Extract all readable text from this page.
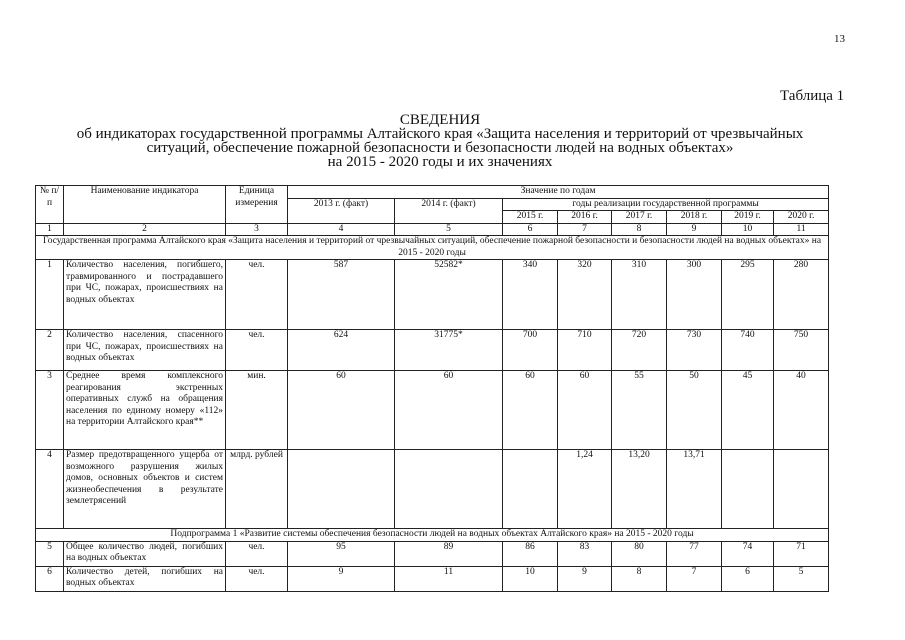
13
Таблица 1
СВЕДЕНИЯ
об индикаторах государственной программы Алтайского края «Защита населения и территорий от чрезвычайных
ситуаций, обеспечение пожарной безопасности и безопасности людей на водных объектах»
на 2015 - 2020 годы и их значениях
№ п/п	Наименование индикатора	Единица измерения	Значение по годам							
			2013 г. (факт)	2014 г. (факт)	годы реализации государственной программы					
					2015 г.	2016 г.	2017 г.	2018 г.	2019 г.	2020 г.
1	2	3	4	5	6	7	8	9	10	11
Государственная программа Алтайского края «Защита населения и территорий от чрезвычайных ситуаций, обеспечение пожарной безопасности и безопасности людей на водных объектах» на 2015 - 2020 годы										
1	Количество населения, погибшего, травмированного и пострадавшего при ЧС, пожарах, происшествиях на водных объектах	чел.	587	52582*	340	320	310	300	295	280
2	Количество населения, спасенного при ЧС, пожарах, происшествиях на водных объектах	чел.	624	31775*	700	710	720	730	740	750
3	Среднее время комплексного реагирования экстренных оперативных служб на обращения населения по единому номеру «112» на территории Алтайского края**	мин.	60	60	60	60	55	50	45	40
4	Размер предотвращенного ущерба от возможного разрушения жилых домов, основных объектов и систем жизнеобеспечения в результате землетрясений	млрд. рублей				1,24	13,20	13,71		
Подпрограмма 1 «Развитие системы обеспечения безопасности людей на водных объектах Алтайского края» на 2015 - 2020 годы										
5	Общее количество людей, погибших на водных объектах	чел.	95	89	86	83	80	77	74	71
6	Количество детей, погибших на водных объектах	чел.	9	11	10	9	8	7	6	5
